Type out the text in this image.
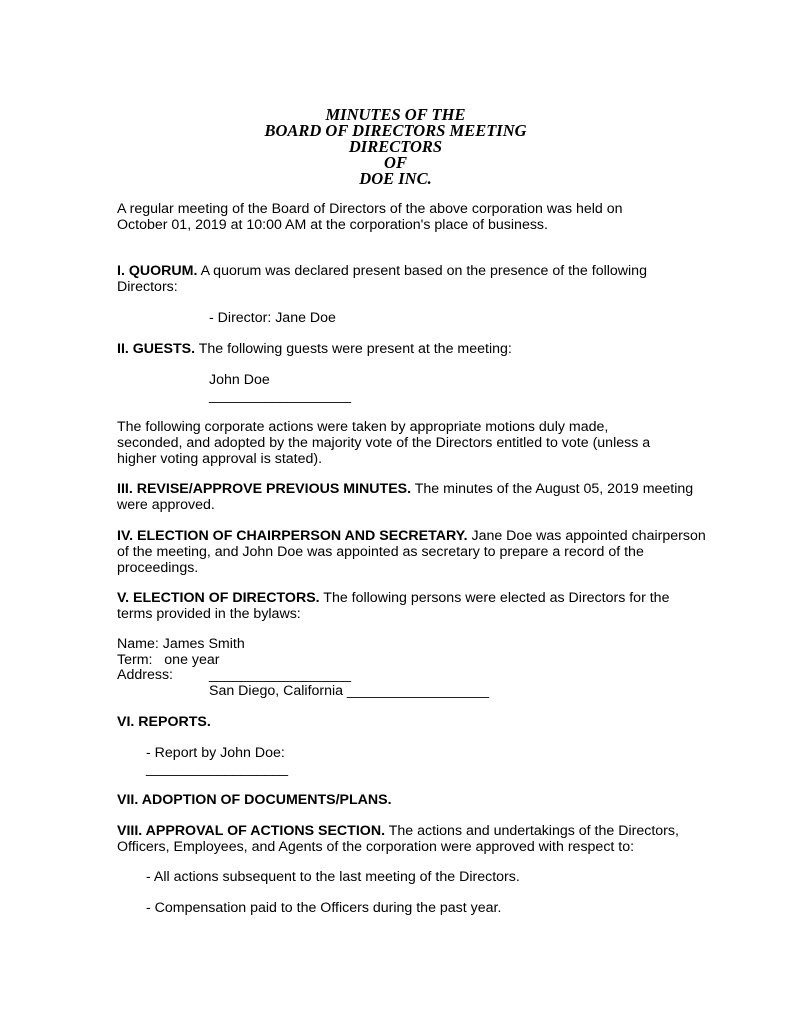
MINUTES OF THE
BOARD OF DIRECTORS MEETING
DIRECTORS
OF
DOE INC.
A regular meeting of the Board of Directors of the above corporation was held on
October 01, 2019 at 10:00 AM at the corporation's place of business.
I. QUORUM. A quorum was declared present based on the presence of the following
Directors:
- Director: Jane Doe
II. GUESTS. The following guests were present at the meeting:
John Doe
__________________
The following corporate actions were taken by appropriate motions duly made,
seconded, and adopted by the majority vote of the Directors entitled to vote (unless a
higher voting approval is stated).
III. REVISE/APPROVE PREVIOUS MINUTES. The minutes of the August 05, 2019 meeting
were approved.
IV. ELECTION OF CHAIRPERSON AND SECRETARY. Jane Doe was appointed chairperson
of the meeting, and John Doe was appointed as secretary to prepare a record of the
proceedings.
V. ELECTION OF DIRECTORS. The following persons were elected as Directors for the
terms provided in the bylaws:
Name: James Smith
Term:   one year
Address:	__________________
San Diego, California __________________
VI. REPORTS.
- Report by John Doe:
__________________
VII. ADOPTION OF DOCUMENTS/PLANS.
VIII. APPROVAL OF ACTIONS SECTION. The actions and undertakings of the Directors,
Officers, Employees, and Agents of the corporation were approved with respect to:
- All actions subsequent to the last meeting of the Directors.
- Compensation paid to the Officers during the past year.
